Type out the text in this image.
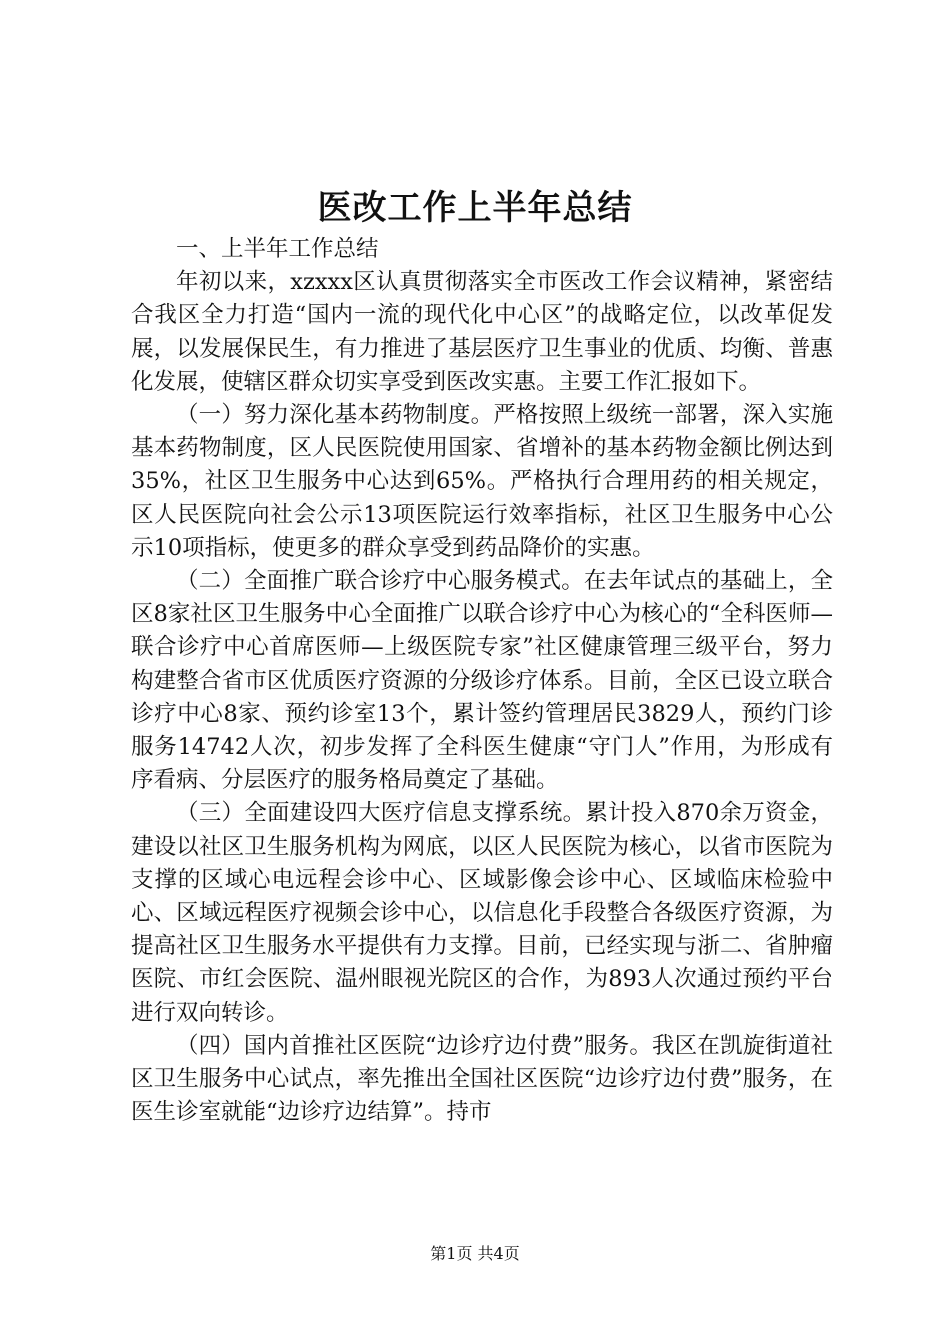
医改工作上半年总结

一、上半年工作总结

年初以来，xzxxx区认真贯彻落实全市医改工作会议精神，紧密结合我区全力打造“国内一流的现代化中心区”的战略定位，以改革促发展，以发展保民生，有力推进了基层医疗卫生事业的优质、均衡、普惠化发展，使辖区群众切实享受到医改实惠。主要工作汇报如下。

（一）努力深化基本药物制度。严格按照上级统一部署，深入实施基本药物制度，区人民医院使用国家、省增补的基本药物金额比例达到35%，社区卫生服务中心达到65%。严格执行合理用药的相关规定，区人民医院向社会公示13项医院运行效率指标，社区卫生服务中心公示10项指标，使更多的群众享受到药品降价的实惠。

（二）全面推广联合诊疗中心服务模式。在去年试点的基础上，全区8家社区卫生服务中心全面推广以联合诊疗中心为核心的“全科医师—联合诊疗中心首席医师—上级医院专家”社区健康管理三级平台，努力构建整合省市区优质医疗资源的分级诊疗体系。目前，全区已设立联合诊疗中心8家、预约诊室13个，累计签约管理居民3829人，预约门诊服务14742人次，初步发挥了全科医生健康“守门人”作用，为形成有序看病、分层医疗的服务格局奠定了基础。

（三）全面建设四大医疗信息支撑系统。累计投入870余万资金，建设以社区卫生服务机构为网底，以区人民医院为核心，以省市医院为支撑的区域心电远程会诊中心、区域影像会诊中心、区域临床检验中心、区域远程医疗视频会诊中心，以信息化手段整合各级医疗资源，为提高社区卫生服务水平提供有力支撑。目前，已经实现与浙二、省肿瘤医院、市红会医院、温州眼视光院区的合作，为893人次通过预约平台进行双向转诊。

（四）国内首推社区医院“边诊疗边付费”服务。我区在凯旋街道社区卫生服务中心试点，率先推出全国社区医院“边诊疗边付费”服务，在医生诊室就能“边诊疗边结算”。持市

第1页 共4页
